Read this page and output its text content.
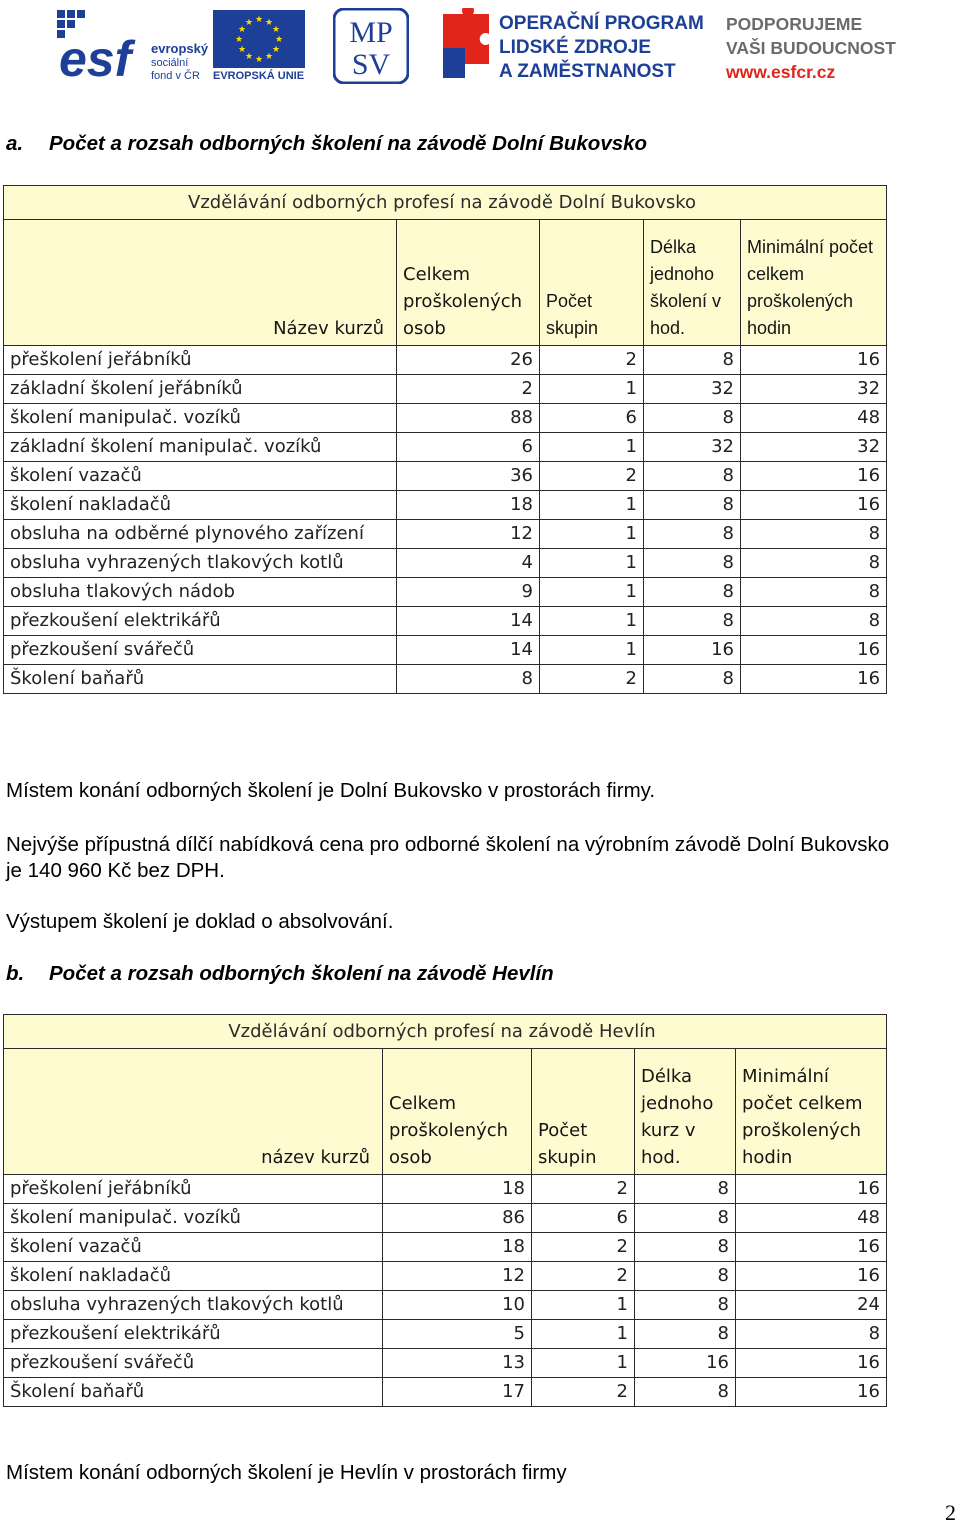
esf	evropský
sociální
fond v ČR
★ ★
★
★
★
★
★
★
★
★
★
★
EVROPSKÁ UNIE
MP
SV
OPERAČNÍ PROGRAM
LIDSKÉ ZDROJE
A ZAMĚSTNANOST
PODPORUJEME
VAŠI BUDOUCNOST
www.esfcr.cz
a. Počet a rozsah odborných školení na závodě Dolní Bukovsko
Vzdělávání odborných profesí na závodě Dolní Bukovsko				
Název kurzů	Celkem proškolených osob	Počet skupin	Délka jednoho školení v hod.	Minimální počet celkem proškolených hodin
přeškolení jeřábníků	26	2	8	16
základní školení jeřábníků	2	1	32	32
školení manipulač. vozíků	88	6	8	48
základní školení manipulač. vozíků	6	1	32	32
školení vazačů	36	2	8	16
školení nakladačů	18	1	8	16
obsluha na odběrné plynového zařízení	12	1	8	8
obsluha vyhrazených tlakových kotlů	4	1	8	8
obsluha tlakových nádob	9	1	8	8
přezkoušení elektrikářů	14	1	8	8
přezkoušení svářečů	14	1	16	16
Školení baňařů	8	2	8	16
Místem konání odborných školení je Dolní Bukovsko v prostorách firmy.
Nejvýše přípustná dílčí nabídková cena pro odborné školení na výrobním závodě Dolní Bukovsko je 140 960 Kč bez DPH.
Výstupem školení je doklad o absolvování.
b. Počet a rozsah odborných školení na závodě Hevlín
Vzdělávání odborných profesí na závodě Hevlín				
název kurzů	Celkem proškolených osob	Počet skupin	Délka jednoho kurz v hod.	Minimální počet celkem proškolených hodin
přeškolení jeřábníků	18	2	8	16
školení manipulač. vozíků	86	6	8	48
školení vazačů	18	2	8	16
školení nakladačů	12	2	8	16
obsluha vyhrazených tlakových kotlů	10	1	8	24
přezkoušení elektrikářů	5	1	8	8
přezkoušení svářečů	13	1	16	16
Školení baňařů	17	2	8	16
Místem konání odborných školení je Hevlín v prostorách firmy
2
